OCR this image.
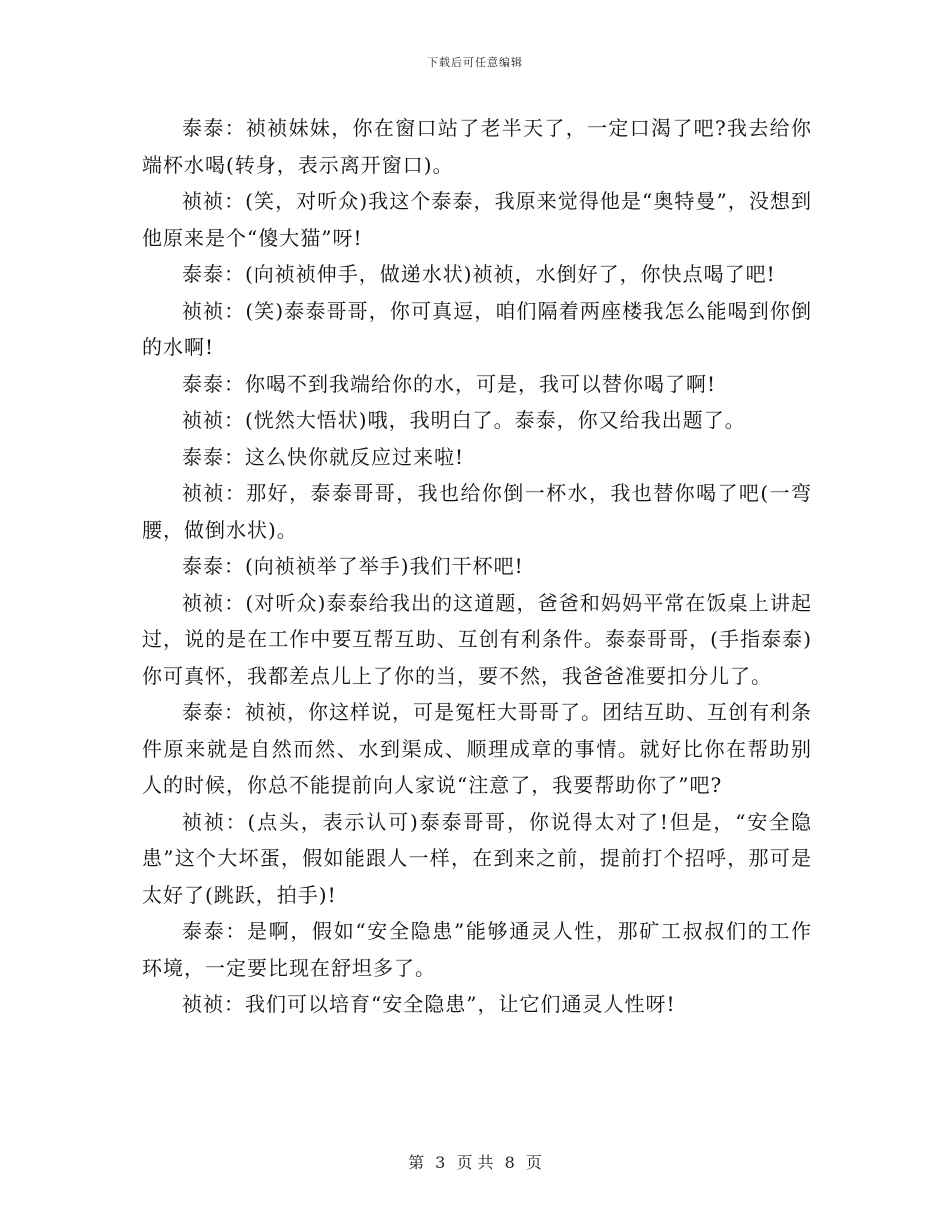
下载后可任意编辑

泰泰：祯祯妹妹，你在窗口站了老半天了，一定口渴了吧?我去给你端杯水喝(转身，表示离开窗口)。

祯祯：(笑，对听众)我这个泰泰，我原来觉得他是“奥特曼”，没想到他原来是个“傻大猫”呀!

泰泰：(向祯祯伸手，做递水状)祯祯，水倒好了，你快点喝了吧!

祯祯：(笑)泰泰哥哥，你可真逗，咱们隔着两座楼我怎么能喝到你倒的水啊!

泰泰：你喝不到我端给你的水，可是，我可以替你喝了啊!

祯祯：(恍然大悟状)哦，我明白了。泰泰，你又给我出题了。

泰泰：这么快你就反应过来啦!

祯祯：那好，泰泰哥哥，我也给你倒一杯水，我也替你喝了吧(一弯腰，做倒水状)。

泰泰：(向祯祯举了举手)我们干杯吧!

祯祯：(对听众)泰泰给我出的这道题，爸爸和妈妈平常在饭桌上讲起过，说的是在工作中要互帮互助、互创有利条件。泰泰哥哥，(手指泰泰)你可真怀，我都差点儿上了你的当，要不然，我爸爸准要扣分儿了。

泰泰：祯祯，你这样说，可是冤枉大哥哥了。团结互助、互创有利条件原来就是自然而然、水到渠成、顺理成章的事情。就好比你在帮助别人的时候，你总不能提前向人家说“注意了，我要帮助你了”吧?

祯祯：(点头，表示认可)泰泰哥哥，你说得太对了!但是，“安全隐患”这个大坏蛋，假如能跟人一样，在到来之前，提前打个招呼，那可是太好了(跳跃，拍手)!

泰泰：是啊，假如“安全隐患”能够通灵人性，那矿工叔叔们的工作环境，一定要比现在舒坦多了。

祯祯：我们可以培育“安全隐患”，让它们通灵人性呀!

第 3 页 共 8 页
